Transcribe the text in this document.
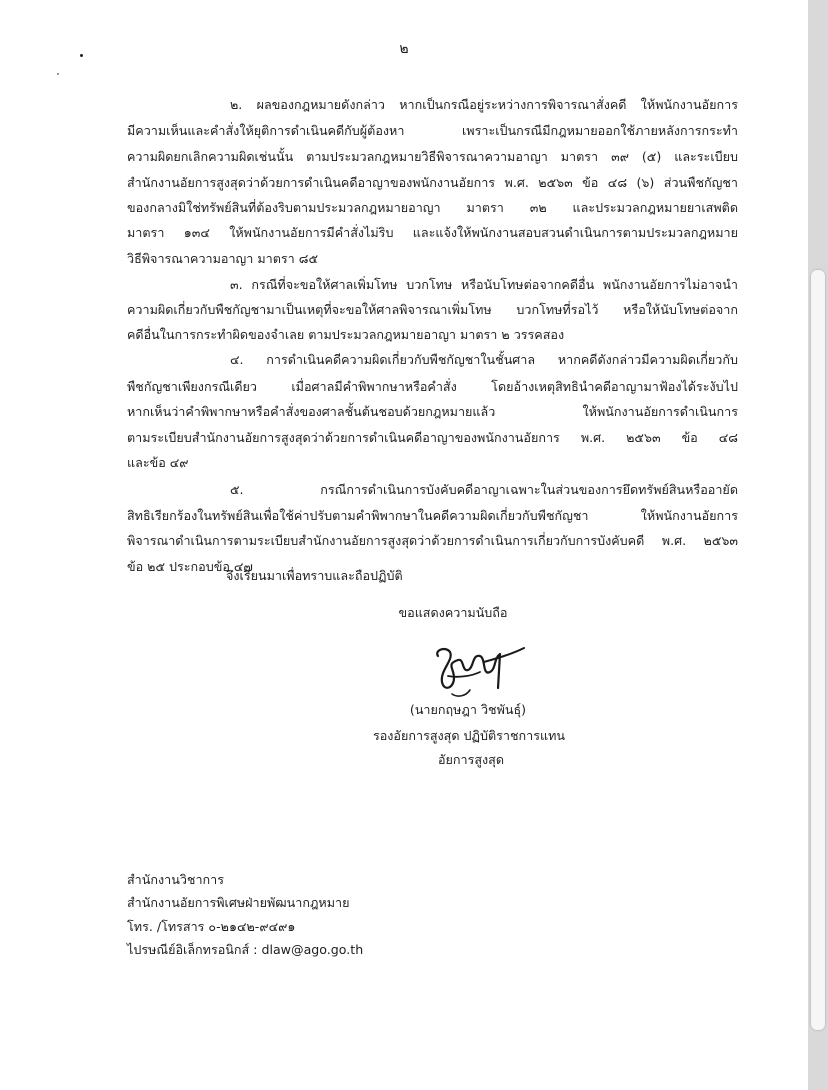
๒
๒. ผลของกฎหมายดังกล่าว หากเป็นกรณีอยู่ระหว่างการพิจารณาสั่งคดี ให้พนักงานอัยการ
มีความเห็นและคำสั่งให้ยุติการดำเนินคดีกับผู้ต้องหา เพราะเป็นกรณีมีกฎหมายออกใช้ภายหลังการกระทำ
ความผิดยกเลิกความผิดเช่นนั้น ตามประมวลกฎหมายวิธีพิจารณาความอาญา มาตรา ๓๙ (๕) และระเบียบ
สำนักงานอัยการสูงสุดว่าด้วยการดำเนินคดีอาญาของพนักงานอัยการ พ.ศ. ๒๕๖๓ ข้อ ๔๘ (๖) ส่วนพืชกัญชา
ของกลางมิใช่ทรัพย์สินที่ต้องริบตามประมวลกฎหมายอาญา มาตรา ๓๒ และประมวลกฎหมายยาเสพติด
มาตรา ๑๓๔ ให้พนักงานอัยการมีคำสั่งไม่ริบ และแจ้งให้พนักงานสอบสวนดำเนินการตามประมวลกฎหมาย
วิธีพิจารณาความอาญา มาตรา ๘๕
๓. กรณีที่จะขอให้ศาลเพิ่มโทษ บวกโทษ หรือนับโทษต่อจากคดีอื่น พนักงานอัยการไม่อาจนำ
ความผิดเกี่ยวกับพืชกัญชามาเป็นเหตุที่จะขอให้ศาลพิจารณาเพิ่มโทษ บวกโทษที่รอไว้ หรือให้นับโทษต่อจาก
คดีอื่นในการกระทำผิดของจำเลย ตามประมวลกฎหมายอาญา มาตรา ๒ วรรคสอง
๔. การดำเนินคดีความผิดเกี่ยวกับพืชกัญชาในชั้นศาล หากคดีดังกล่าวมีความผิดเกี่ยวกับ
พืชกัญชาเพียงกรณีเดียว เมื่อศาลมีคำพิพากษาหรือคำสั่ง โดยอ้างเหตุสิทธินำคดีอาญามาฟ้องได้ระงับไป
หากเห็นว่าคำพิพากษาหรือคำสั่งของศาลชั้นต้นชอบด้วยกฎหมายแล้ว ให้พนักงานอัยการดำเนินการ
ตามระเบียบสำนักงานอัยการสูงสุดว่าด้วยการดำเนินคดีอาญาของพนักงานอัยการ พ.ศ. ๒๕๖๓ ข้อ ๔๘
และข้อ ๔๙
๕. กรณีการดำเนินการบังคับคดีอาญาเฉพาะในส่วนของการยึดทรัพย์สินหรืออายัด
สิทธิเรียกร้องในทรัพย์สินเพื่อใช้ค่าปรับตามคำพิพากษาในคดีความผิดเกี่ยวกับพืชกัญชา ให้พนักงานอัยการ
พิจารณาดำเนินการตามระเบียบสำนักงานอัยการสูงสุดว่าด้วยการดำเนินการเกี่ยวกับการบังคับคดี พ.ศ. ๒๕๖๓
ข้อ ๒๕ ประกอบข้อ ๔๗
จึงเรียนมาเพื่อทราบและถือปฏิบัติ
ขอแสดงความนับถือ
(นายกฤษฎา วิชพันธุ์)
รองอัยการสูงสุด ปฏิบัติราชการแทน
อัยการสูงสุด
สำนักงานวิชาการ
สำนักงานอัยการพิเศษฝ่ายพัฒนากฎหมาย
โทร. /โทรสาร ๐-๒๑๔๒-๙๔๙๑
ไปรษณีย์อิเล็กทรอนิกส์ : dlaw@ago.go.th
